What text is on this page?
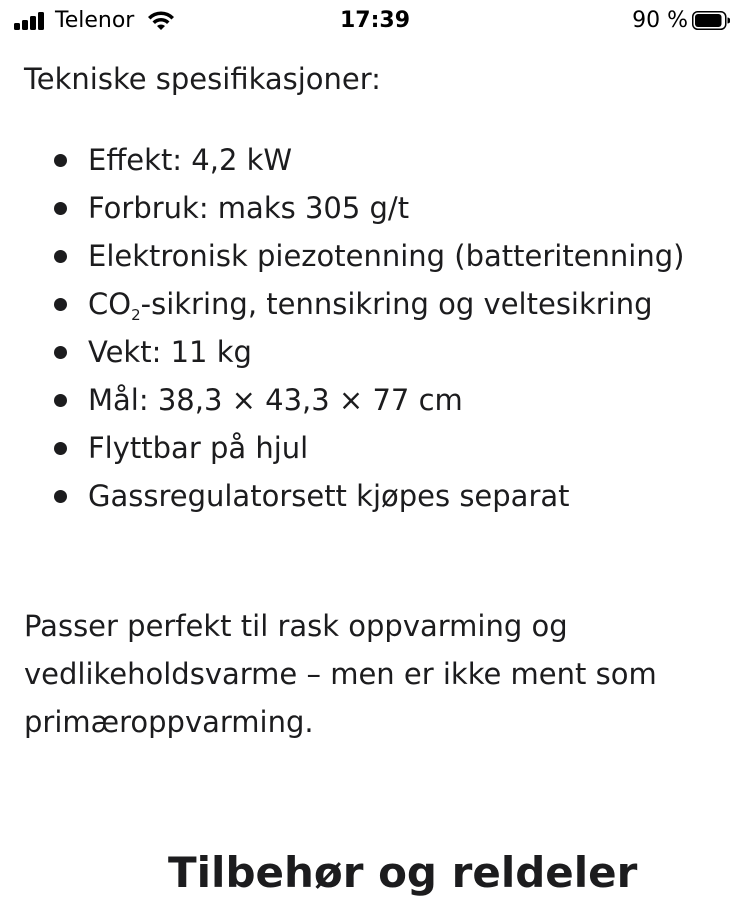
Telenor	17:39	90 %
Tekniske spesifikasjoner:
Effekt: 4,2 kW
Forbruk: maks 305 g/t
Elektronisk piezotenning (batteritenning)
$CO_2$-sikring, tennsikring og veltesikring
Vekt: 11 kg
Mål: 38,3 × 43,3 × 77 cm
Flyttbar på hjul
Gassregulatorsett kjøpes separat

Passer perfekt til rask oppvarming og vedlikeholdsvarme – men er ikke ment som primæroppvarming.

Tilbehør og reldeler
